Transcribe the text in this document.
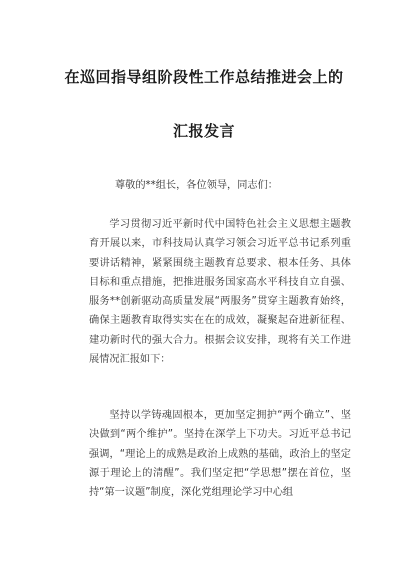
在巡回指导组阶段性工作总结推进会上的
汇报发言
尊敬的**组长，各位领导，同志们：
学习贯彻习近平新时代中国特色社会主义思想主题教育开展以来，市科技局认真学习领会习近平总书记系列重要讲话精神，紧紧围绕主题教育总要求、根本任务、具体目标和重点措施，把推进服务国家高水平科技自立自强、服务**创新驱动高质量发展“两服务”贯穿主题教育始终，确保主题教育取得实实在在的成效，凝聚起奋进新征程、建功新时代的强大合力。根据会议安排，现将有关工作进展情况汇报如下：
坚持以学铸魂固根本，更加坚定拥护“两个确立”、坚决做到“两个维护”。坚持在深学上下功夫。习近平总书记强调，“理论上的成熟是政治上成熟的基础，政治上的坚定源于理论上的清醒”。我们坚定把“学思想”摆在首位，坚持“第一议题”制度，深化党组理论学习中心组
